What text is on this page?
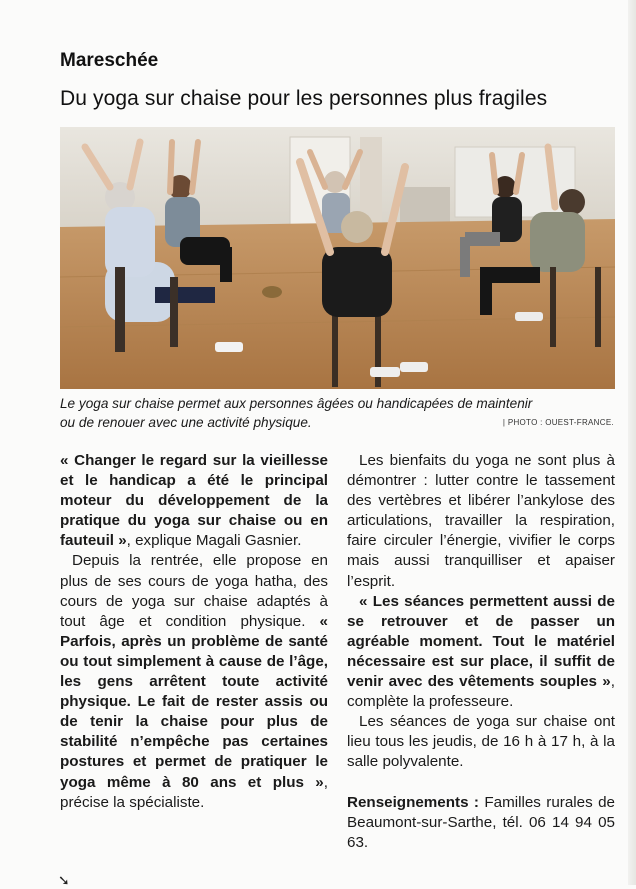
Mareschée
Du yoga sur chaise pour les personnes plus fragiles
Le yoga sur chaise permet aux personnes âgées ou handicapées de maintenir
ou de renouer avec une activité physique.	| PHOTO : OUEST-FRANCE.

« Changer le regard sur la vieillesse et le handicap a été le principal moteur du développement de la pratique du yoga sur chaise ou en fauteuil », explique Magali Gasnier.

Depuis la rentrée, elle propose en plus de ses cours de yoga hatha, des cours de yoga sur chaise adaptés à tout âge et condition physique. « Parfois, après un problème de santé ou tout simplement à cause de l’âge, les gens arrêtent toute activité physique. Le fait de rester assis ou de tenir la chaise pour plus de stabilité n’empêche pas certaines postures et permet de pratiquer le yoga même à 80 ans et plus », précise la spécialiste.

Les bienfaits du yoga ne sont plus à démontrer : lutter contre le tassement des vertèbres et libérer l’ankylose des articulations, travailler la respiration, faire circuler l’énergie, vivifier le corps mais aussi tranquilliser et apaiser l’esprit.

« Les séances permettent aussi de se retrouver et de passer un agréable moment. Tout le matériel nécessaire est sur place, il suffit de venir avec des vêtements souples », complète la professeure.

Les séances de yoga sur chaise ont lieu tous les jeudis, de 16 h à 17 h, à la salle polyvalente.

Renseignements : Familles rurales de Beaumont-sur-Sarthe, tél. 06 14 94 05 63.

➘
